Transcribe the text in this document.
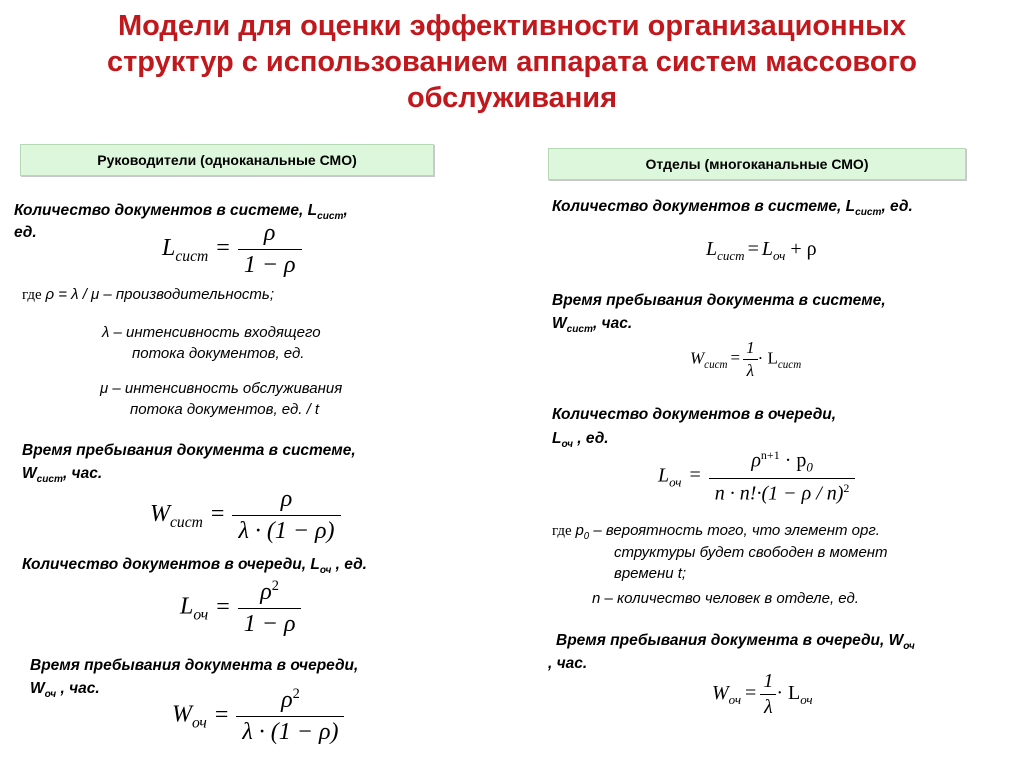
Модели для оценки эффективности организационных
структур с использованием аппарата систем массового
обслуживания
Руководители (одноканальные СМО)	Отделы (многоканальные СМО)
Количество документов в системе, $L_{сист}$,
ед.
$L_{сист} = \frac{\rho}{1 - \rho}$
где ρ = λ / μ – производительность;
λ – интенсивность входящего
потока документов, ед.
μ – интенсивность обслуживания
потока документов, ед. / t
Время пребывания документа в системе,
$W_{сист}$, час.
$W_{сист} = \frac{\rho}{\lambda \cdot (1 - \rho)}$
Количество документов в очереди, $L_{оч}$ , ед.
$L_{оч} = \frac{\rho^2}{1 - \rho}$
Время пребывания документа в очереди,
$W_{оч}$ , час.
$W_{оч} = \frac{\rho^2}{\lambda \cdot (1 - \rho)}$
Количество документов в системе, $L_{сист}$, ед.
$L_{сист} = L_{оч} + \rho$
Время пребывания документа в системе,
$W_{сист}$, час.
$W_{сист} = \frac{1}{\lambda} \cdot L_{сист}$
Количество документов в очереди,
$L_{оч}$ , ед.
$L_{оч} = \frac{\rho^{n+1} \cdot p_0}{n \cdot n!\cdot(1 - \rho / n)^2}$
где $p_0$ – вероятность того, что элемент орг.
структуры будет свободен в момент
времени t;
n – количество человек в отделе, ед.
Время пребывания документа в очереди, $W_{оч}$
, час.
$W_{оч} = \frac{1}{\lambda} \cdot L_{оч}$
